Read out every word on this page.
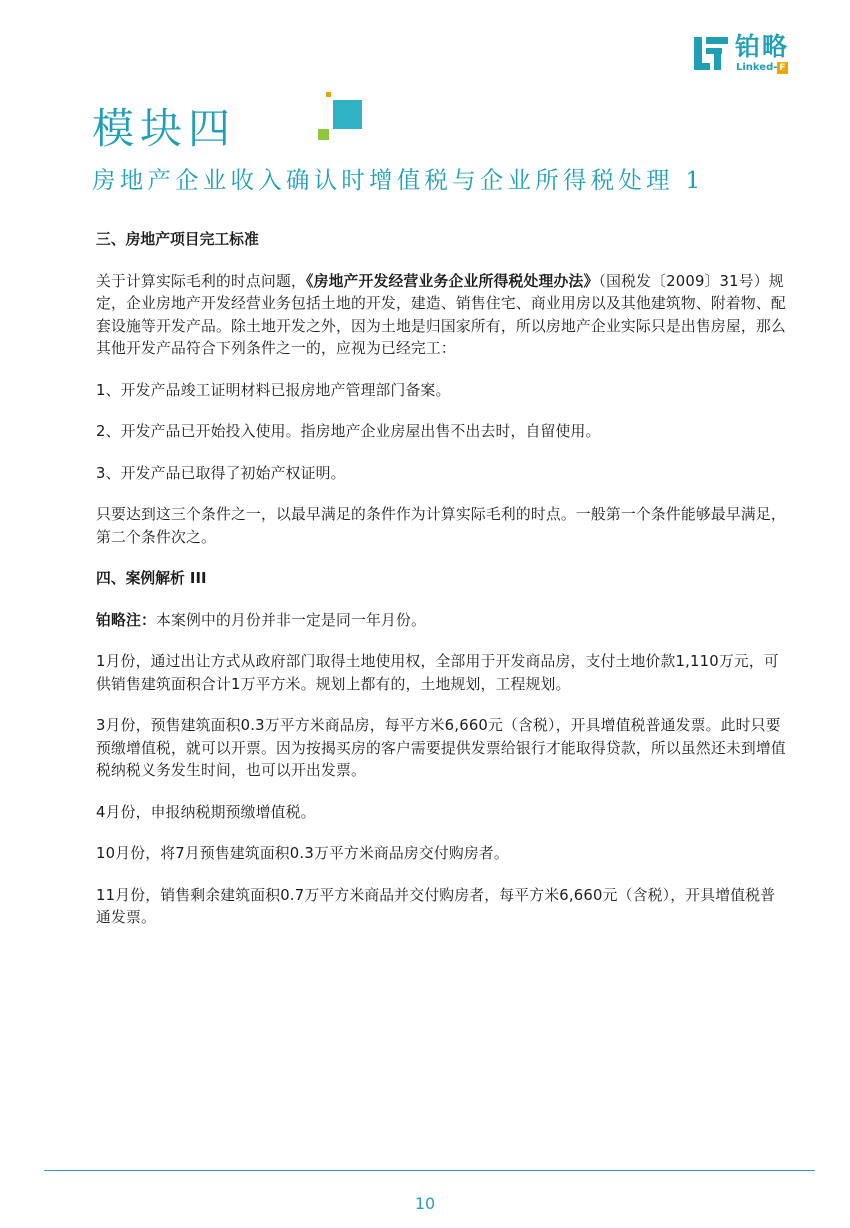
铂略
Linked- F
模块四
房地产企业收入确认时增值税与企业所得税处理 1
三、房地产项目完工标准

关于计算实际毛利的时点问题，《房地产开发经营业务企业所得税处理办法》（国税发〔2009〕31号）规定，企业房地产开发经营业务包括土地的开发，建造、销售住宅、商业用房以及其他建筑物、附着物、配套设施等开发产品。除土地开发之外，因为土地是归国家所有，所以房地产企业实际只是出售房屋，那么其他开发产品符合下列条件之一的，应视为已经完工：

1、开发产品竣工证明材料已报房地产管理部门备案。

2、开发产品已开始投入使用。指房地产企业房屋出售不出去时，自留使用。

3、开发产品已取得了初始产权证明。

只要达到这三个条件之一，以最早满足的条件作为计算实际毛利的时点。一般第一个条件能够最早满足，第二个条件次之。

四、案例解析 III

铂略注：本案例中的月份并非一定是同一年月份。

1月份，通过出让方式从政府部门取得土地使用权，全部用于开发商品房，支付土地价款1,110万元，可供销售建筑面积合计1万平方米。规划上都有的，土地规划，工程规划。

3月份，预售建筑面积0.3万平方米商品房，每平方米6,660元（含税），开具增值税普通发票。此时只要预缴增值税，就可以开票。因为按揭买房的客户需要提供发票给银行才能取得贷款，所以虽然还未到增值税纳税义务发生时间，也可以开出发票。

4月份，申报纳税期预缴增值税。

10月份，将7月预售建筑面积0.3万平方米商品房交付购房者。

11月份，销售剩余建筑面积0.7万平方米商品并交付购房者，每平方米6,660元（含税），开具增值税普通发票。

10
